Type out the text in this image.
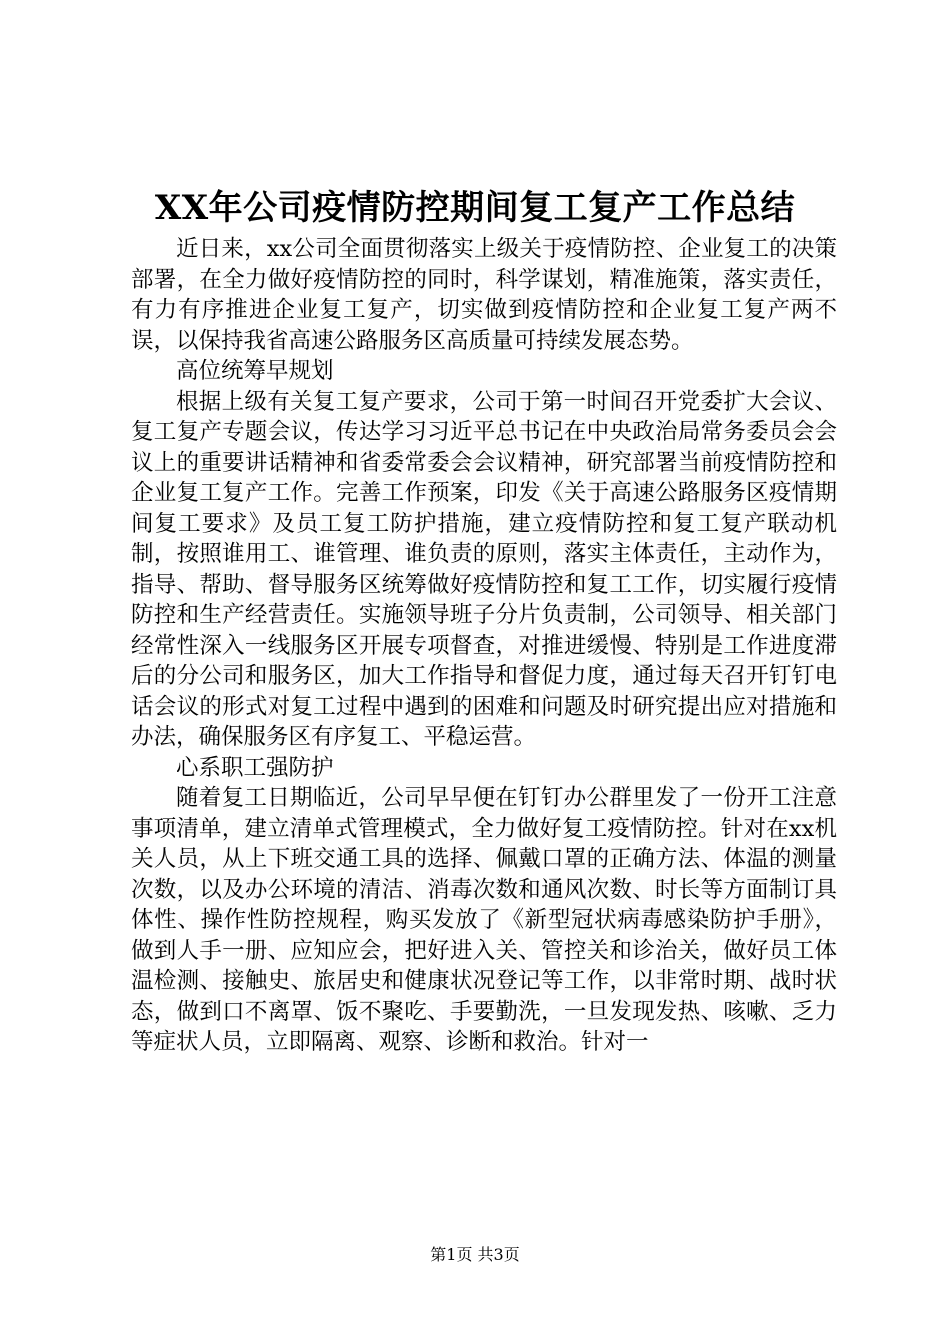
XX年公司疫情防控期间复工复产工作总结

近日来，xx公司全面贯彻落实上级关于疫情防控、企业复工的决策部署，在全力做好疫情防控的同时，科学谋划，精准施策，落实责任，有力有序推进企业复工复产，切实做到疫情防控和企业复工复产两不误，以保持我省高速公路服务区高质量可持续发展态势。

高位统筹早规划

根据上级有关复工复产要求，公司于第一时间召开党委扩大会议、复工复产专题会议，传达学习习近平总书记在中央政治局常务委员会会议上的重要讲话精神和省委常委会会议精神，研究部署当前疫情防控和企业复工复产工作。完善工作预案，印发《关于高速公路服务区疫情期间复工要求》及员工复工防护措施，建立疫情防控和复工复产联动机制，按照谁用工、谁管理、谁负责的原则，落实主体责任，主动作为，指导、帮助、督导服务区统筹做好疫情防控和复工工作，切实履行疫情防控和生产经营责任。实施领导班子分片负责制，公司领导、相关部门经常性深入一线服务区开展专项督查，对推进缓慢、特别是工作进度滞后的分公司和服务区，加大工作指导和督促力度，通过每天召开钉钉电话会议的形式对复工过程中遇到的困难和问题及时研究提出应对措施和办法，确保服务区有序复工、平稳运营。

心系职工强防护

随着复工日期临近，公司早早便在钉钉办公群里发了一份开工注意事项清单，建立清单式管理模式，全力做好复工疫情防控。针对在xx机关人员，从上下班交通工具的选择、佩戴口罩的正确方法、体温的测量次数，以及办公环境的清洁、消毒次数和通风次数、时长等方面制订具体性、操作性防控规程，购买发放了《新型冠状病毒感染防护手册》，做到人手一册、应知应会，把好进入关、管控关和诊治关，做好员工体温检测、接触史、旅居史和健康状况登记等工作，以非常时期、战时状态，做到口不离罩、饭不聚吃、手要勤洗，一旦发现发热、咳嗽、乏力等症状人员，立即隔离、观察、诊断和救治。针对一

第1页 共3页
